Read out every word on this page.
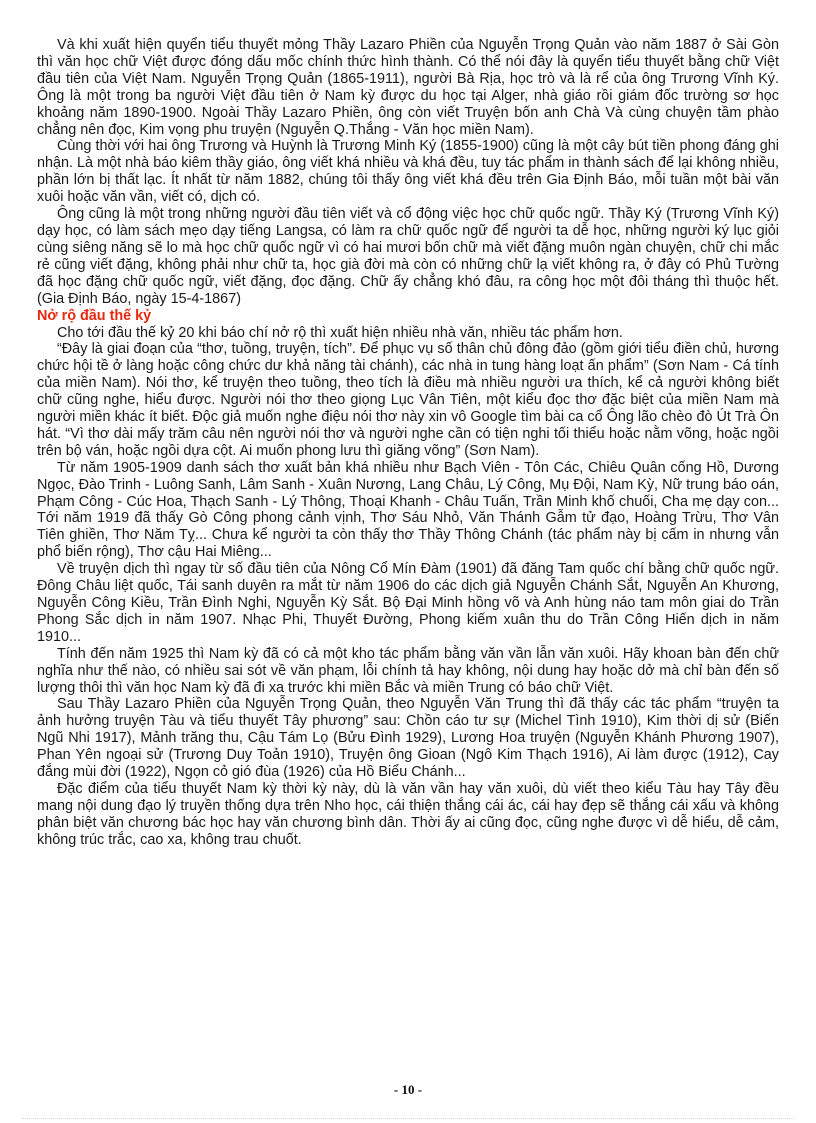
Và khi xuất hiện quyển tiểu thuyết mỏng Thầy Lazaro Phiền của Nguyễn Trọng Quản vào năm 1887 ở Sài Gòn thì văn học chữ Việt được đóng dấu mốc chính thức hình thành. Có thể nói đây là quyển tiểu thuyết bằng chữ Việt đầu tiên của Việt Nam. Nguyễn Trọng Quản (1865-1911), người Bà Rịa, học trò và là rể của ông Trương Vĩnh Ký. Ông là một trong ba người Việt đầu tiên ở Nam kỳ được du học tại Alger, nhà giáo rồi giám đốc trường sơ học khoảng năm 1890-1900. Ngoài Thầy Lazaro Phiền, ông còn viết Truyện bốn anh Chà Và cùng chuyện tầm phào chẳng nên đọc, Kim vọng phu truyện (Nguyễn Q.Thắng - Văn học miền Nam).

Cùng thời với hai ông Trương và Huỳnh là Trương Minh Ký (1855-1900) cũng là một cây bút tiền phong đáng ghi nhận. Là một nhà báo kiêm thầy giáo, ông viết khá nhiều và khá đều, tuy tác phẩm in thành sách để lại không nhiều, phần lớn bị thất lạc. Ít nhất từ năm 1882, chúng tôi thấy ông viết khá đều trên Gia Định Báo, mỗi tuần một bài văn xuôi hoặc văn vần, viết có, dịch có.

Ông cũng là một trong những người đầu tiên viết và cổ động việc học chữ quốc ngữ. Thầy Ký (Trương Vĩnh Ký) dạy học, có làm sách mẹo dạy tiếng Langsa, có làm ra chữ quốc ngữ để người ta dễ học, những người ký lục giỏi cùng siêng năng sẽ lo mà học chữ quốc ngữ vì có hai mươi bốn chữ mà viết đặng muôn ngàn chuyện, chữ chi mắc rẻ cũng viết đặng, không phải như chữ ta, học già đời mà còn có những chữ lạ viết không ra, ở đây có Phủ Tường đã học đặng chữ quốc ngữ, viết đặng, đọc đặng. Chữ ấy chẳng khó đâu, ra công học một đôi tháng thì thuộc hết. (Gia Định Báo, ngày 15-4-1867)

Nở rộ đầu thế kỷ

Cho tới đầu thế kỷ 20 khi báo chí nở rộ thì xuất hiện nhiều nhà văn, nhiều tác phẩm hơn.

“Đây là giai đoạn của “thơ, tuồng, truyện, tích”. Để phục vụ số thân chủ đông đảo (gồm giới tiểu điền chủ, hương chức hội tề ở làng hoặc công chức dư khả năng tài chánh), các nhà in tung hàng loạt ấn phẩm” (Sơn Nam - Cá tính của miền Nam). Nói thơ, kể truyện theo tuồng, theo tích là điều mà nhiều người ưa thích, kể cả người không biết chữ cũng nghe, hiểu được. Người nói thơ theo giọng Lục Vân Tiên, một kiểu đọc thơ đặc biệt của miền Nam mà người miền khác ít biết. Độc giả muốn nghe điệu nói thơ này xin vô Google tìm bài ca cổ Ông lão chèo đò Út Trà Ôn hát. “Vì thơ dài mấy trăm câu nên người nói thơ và người nghe cần có tiện nghi tối thiểu hoặc nằm võng, hoặc ngồi trên bộ ván, hoặc ngồi dựa cột. Ai muốn phong lưu thì giăng võng” (Sơn Nam).

Từ năm 1905-1909 danh sách thơ xuất bản khá nhiều như Bạch Viên - Tôn Các, Chiêu Quân cống Hồ, Dương Ngọc, Đào Trinh - Luông Sanh, Lâm Sanh - Xuân Nương, Lang Châu, Lý Công, Mụ Đội, Nam Kỳ, Nữ trung báo oán, Phạm Công - Cúc Hoa, Thạch Sanh - Lý Thông, Thoại Khanh - Châu Tuấn, Trần Minh khố chuối, Cha mẹ dạy con... Tới năm 1919 đã thấy Gò Công phong cảnh vịnh, Thơ Sáu Nhỏ, Văn Thánh Gẫm tử đạo, Hoàng Trừu, Thơ Vân Tiên ghiền, Thơ Năm Tỵ... Chưa kể người ta còn thấy thơ Thầy Thông Chánh (tác phẩm này bị cấm in nhưng vẫn phổ biến rộng), Thơ cậu Hai Miêng...

Về truyện dịch thì ngay từ số đầu tiên của Nông Cổ Mín Đàm (1901) đã đăng Tam quốc chí bằng chữ quốc ngữ. Đông Châu liệt quốc, Tái sanh duyên ra mắt từ năm 1906 do các dịch giả Nguyễn Chánh Sắt, Nguyễn An Khương, Nguyễn Công Kiều, Trần Đình Nghi, Nguyễn Kỳ Sắt. Bộ Đại Minh hồng võ và Anh hùng náo tam môn giai do Trần Phong Sắc dịch in năm 1907. Nhạc Phi, Thuyết Đường, Phong kiếm xuân thu do Trần Công Hiến dịch in năm 1910...

Tính đến năm 1925 thì Nam kỳ đã có cả một kho tác phẩm bằng văn vần lẫn văn xuôi. Hãy khoan bàn đến chữ nghĩa như thế nào, có nhiều sai sót về văn phạm, lỗi chính tả hay không, nội dung hay hoặc dở mà chỉ bàn đến số lượng thôi thì văn học Nam kỳ đã đi xa trước khi miền Bắc và miền Trung có báo chữ Việt.

Sau Thầy Lazaro Phiền của Nguyễn Trọng Quản, theo Nguyễn Văn Trung thì đã thấy các tác phẩm “truyện ta ảnh hưởng truyện Tàu và tiểu thuyết Tây phương” sau: Chồn cáo tư sự (Michel Tình 1910), Kim thời dị sử (Biến Ngũ Nhi 1917), Mảnh trăng thu, Cậu Tám Lọ (Bửu Đình 1929), Lương Hoa truyện (Nguyễn Khánh Phương 1907), Phan Yên ngoại sử (Trương Duy Toản 1910), Truyện ông Gioan (Ngô Kim Thạch 1916), Ai làm được (1912), Cay đắng mùi đời (1922), Ngọn cỏ gió đùa (1926) của Hồ Biểu Chánh...

Đặc điểm của tiểu thuyết Nam kỳ thời kỳ này, dù là văn vần hay văn xuôi, dù viết theo kiểu Tàu hay Tây đều mang nội dung đạo lý truyền thống dựa trên Nho học, cái thiện thắng cái ác, cái hay đẹp sẽ thắng cái xấu và không phân biệt văn chương bác học hay văn chương bình dân. Thời ấy ai cũng đọc, cũng nghe được vì dễ hiểu, dễ cảm, không trúc trắc, cao xa, không trau chuốt.

- 10 -
